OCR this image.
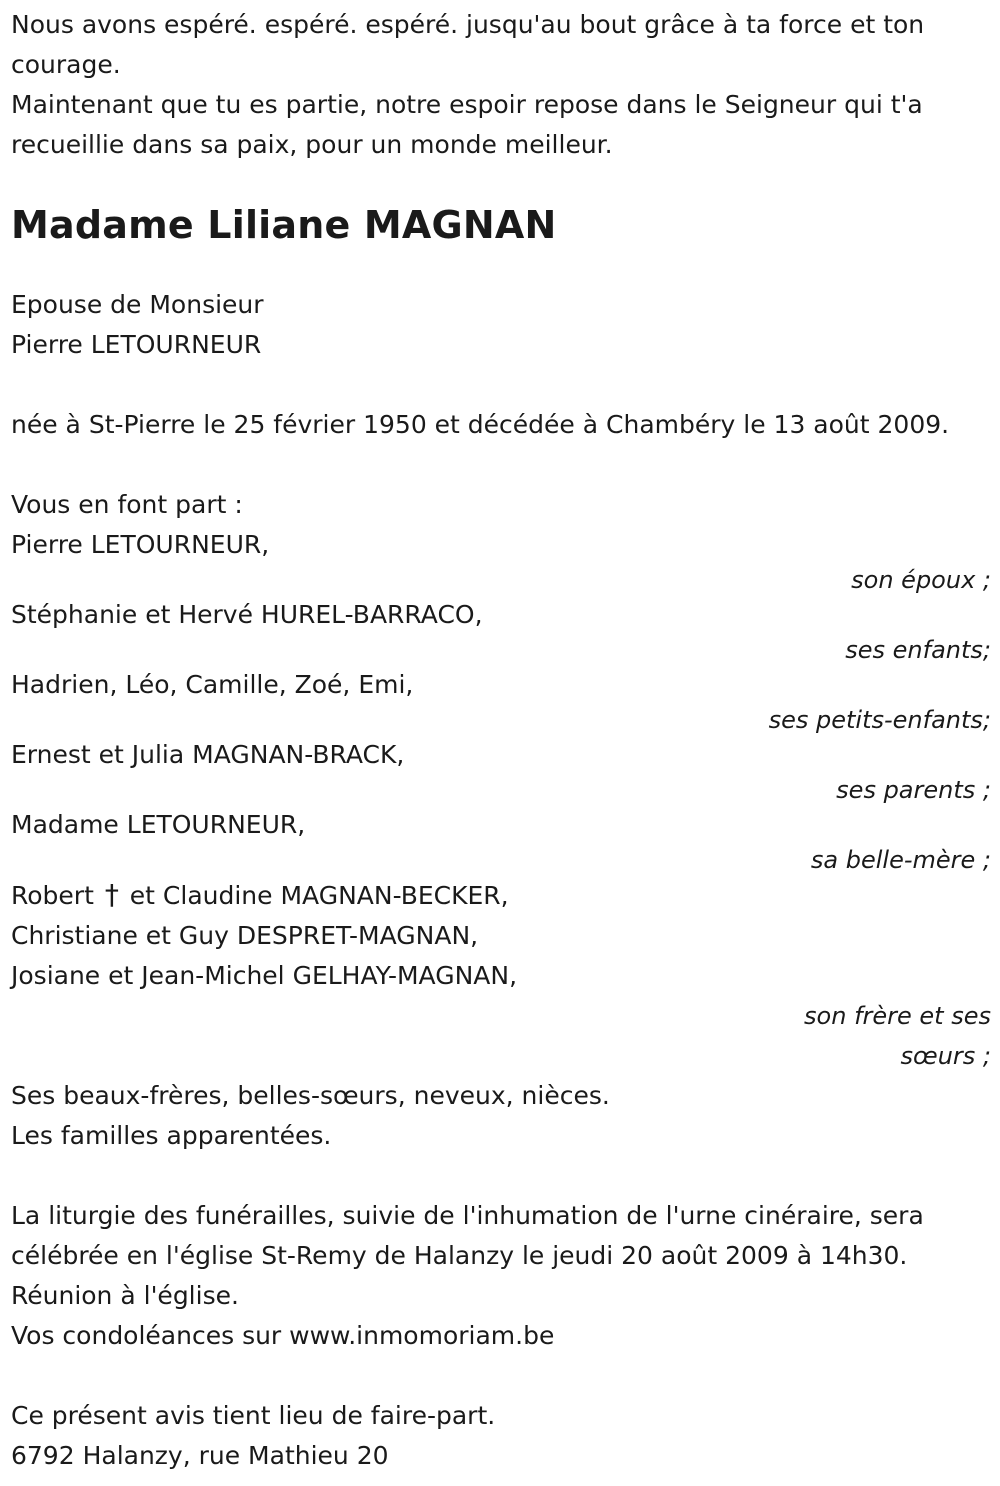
Nous avons espéré. espéré. espéré. jusqu'au bout grâce à ta force et ton courage.

Maintenant que tu es partie, notre espoir repose dans le Seigneur qui t'a recueillie dans sa paix, pour un monde meilleur.

Madame Liliane MAGNAN

Epouse de Monsieur

Pierre LETOURNEUR

née à St-Pierre le 25 février 1950 et décédée à Chambéry le 13 août 2009.

Vous en font part :

Pierre LETOURNEUR,

son époux ;

Stéphanie et Hervé HUREL-BARRACO,

ses enfants;

Hadrien, Léo, Camille, Zoé, Emi,

ses petits-enfants;

Ernest et Julia MAGNAN-BRACK,

ses parents ;

Madame LETOURNEUR,

sa belle-mère ;

Robert † et Claudine MAGNAN-BECKER,

Christiane et Guy DESPRET-MAGNAN,

Josiane et Jean-Michel GELHAY-MAGNAN,

son frère et ses

sœurs ;

Ses beaux-frères, belles-sœurs, neveux, nièces.

Les familles apparentées.

La liturgie des funérailles, suivie de l'inhumation de l'urne cinéraire, sera célébrée en l'église St-Remy de Halanzy le jeudi 20 août 2009 à 14h30.

Réunion à l'église.

Vos condoléances sur www.inmomoriam.be

Ce présent avis tient lieu de faire-part.

6792 Halanzy, rue Mathieu 20
